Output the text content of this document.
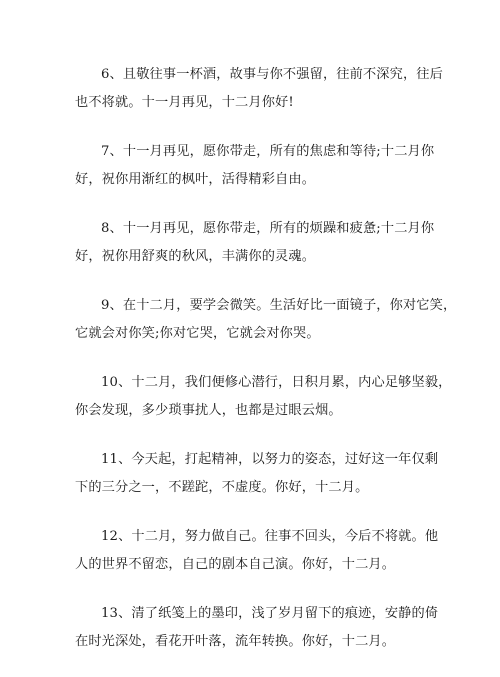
6、且敬往事一杯酒，故事与你不强留，往前不深究，往后
也不将就。十一月再见，十二月你好!
7、十一月再见，愿你带走，所有的焦虑和等待;十二月你
好，祝你用渐红的枫叶，活得精彩自由。
8、十一月再见，愿你带走，所有的烦躁和疲惫;十二月你
好，祝你用舒爽的秋风，丰满你的灵魂。
9、在十二月，要学会微笑。生活好比一面镜子，你对它笑，
它就会对你笑;你对它哭，它就会对你哭。
10、十二月，我们便修心潜行，日积月累，内心足够坚毅，
你会发现，多少琐事扰人，也都是过眼云烟。
11、今天起，打起精神，以努力的姿态，过好这一年仅剩
下的三分之一，不蹉跎，不虚度。你好，十二月。
12、十二月，努力做自己。往事不回头，今后不将就。他
人的世界不留恋，自己的剧本自己演。你好，十二月。
13、清了纸笺上的墨印，浅了岁月留下的痕迹，安静的倚
在时光深处，看花开叶落，流年转换。你好，十二月。
